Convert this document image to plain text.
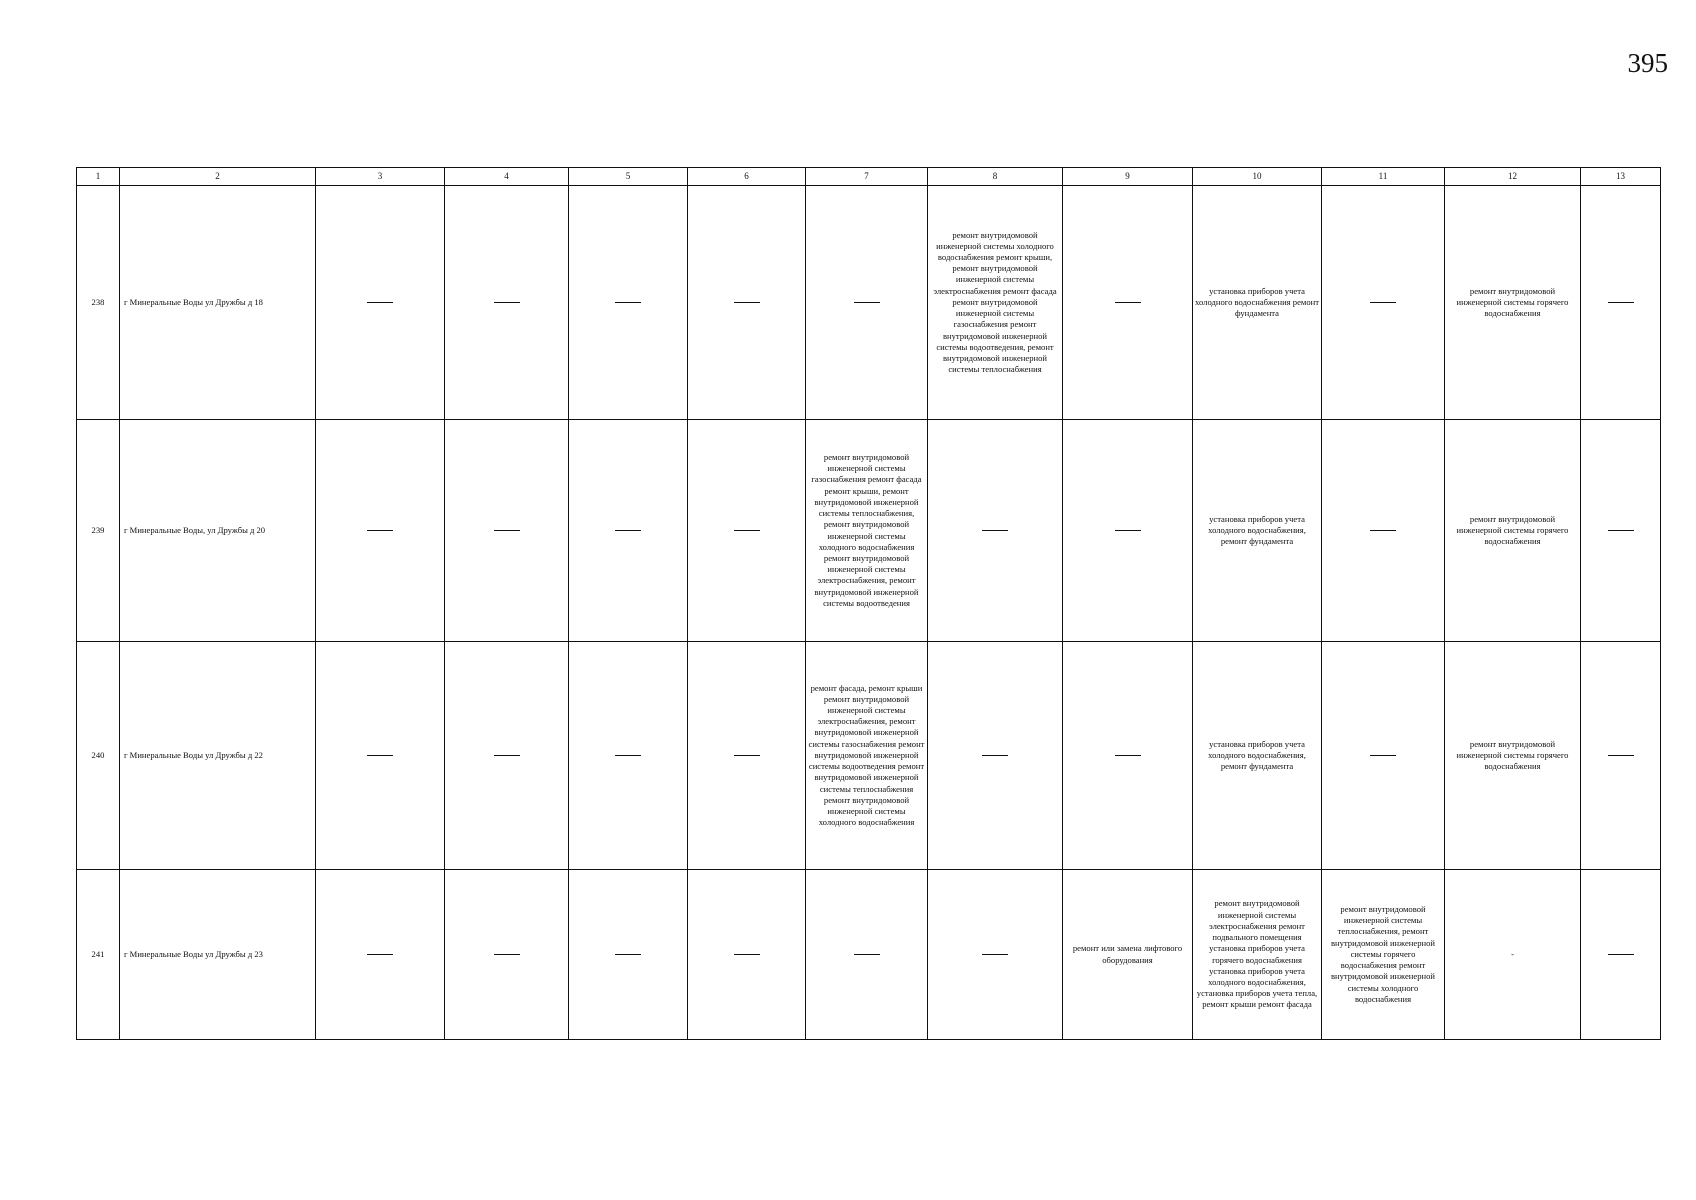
395
1	2	3	4	5	6	7	8	9	10	11	12	13
238	г Минеральные Воды ул Дружбы д 18						ремонт внутридомовой инженерной системы холодного водоснабжения ремонт крыши, ремонт внутридомовой инженерной системы электроснабжения ремонт фасада ремонт внутридомовой инженерной системы газоснабжения ремонт внутридомовой инженерной системы водоотведения, ремонт внутридомовой инженерной системы теплоснабжения		установка приборов учета холодного водоснабжения ремонт фундамента		ремонт внутридомовой инженерной системы горячего водоснабжения	
239	г Минеральные Воды, ул Дружбы д 20					ремонт внутридомовой инженерной системы газоснабжения ремонт фасада ремонт крыши, ремонт внутридомовой инженерной системы теплоснабжения, ремонт внутридомовой инженерной системы холодного водоснабжения ремонт внутридомовой инженерной системы электроснабжения, ремонт внутридомовой инженерной системы водоотведения			установка приборов учета холодного водоснабжения, ремонт фундамента		ремонт внутридомовой инженерной системы горячего водоснабжения	
240	г Минеральные Воды ул Дружбы д 22					ремонт фасада, ремонт крыши ремонт внутридомовой инженерной системы электроснабжения, ремонт внутридомовой инженерной системы газоснабжения ремонт внутридомовой инженерной системы водоотведения ремонт внутридомовой инженерной системы теплоснабжения ремонт внутридомовой инженерной системы холодного водоснабжения			установка приборов учета холодного водоснабжения, ремонт фундамента		ремонт внутридомовой инженерной системы горячего водоснабжения	
241	г Минеральные Воды ул Дружбы д 23							ремонт или замена лифтового оборудования	ремонт внутридомовой инженерной системы электроснабжения ремонт подвального помещения установка приборов учета горячего водоснабжения установка приборов учета холодного водоснабжения, установка приборов учета тепла, ремонт крыши ремонт фасада	ремонт внутридомовой инженерной системы теплоснабжения, ремонт внутридомовой инженерной системы горячего водоснабжения ремонт внутридомовой инженерной системы холодного водоснабжения	-	
